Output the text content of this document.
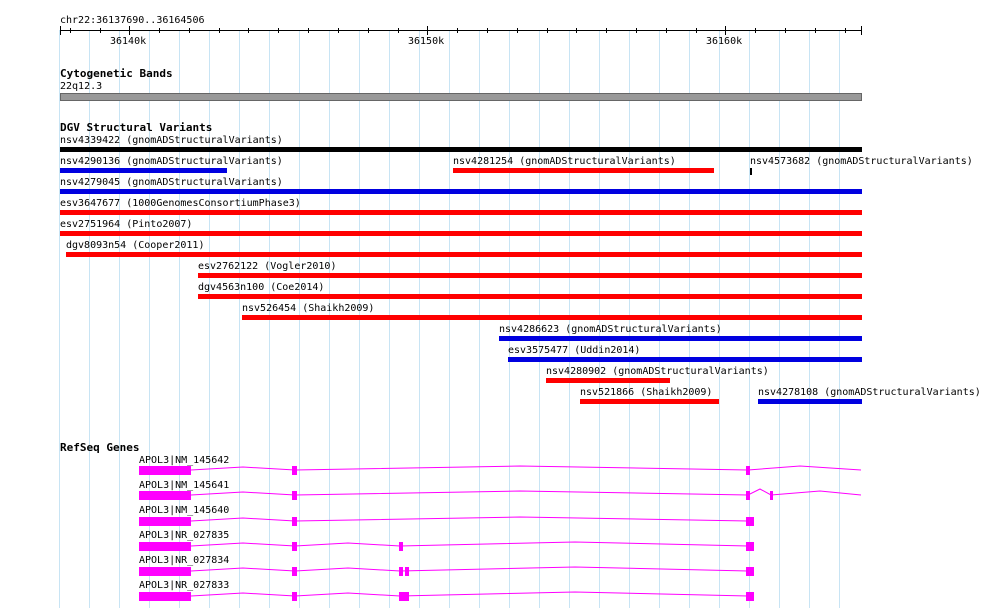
chr22:36137690..36164506
36140k	36150k	36160k
Cytogenetic Bands
22q12.3
DGV Structural Variants
nsv4339422 (gnomADStructuralVariants)
nsv4290136 (gnomADStructuralVariants)	nsv4281254 (gnomADStructuralVariants)	nsv4573682 (gnomADStructuralVariants)
nsv4279045 (gnomADStructuralVariants)
esv3647677 (1000GenomesConsortiumPhase3)
esv2751964 (Pinto2007)
dgv8093n54 (Cooper2011)
esv2762122 (Vogler2010)
dgv4563n100 (Coe2014)
nsv526454 (Shaikh2009)
nsv4286623 (gnomADStructuralVariants)
esv3575477 (Uddin2014)
nsv4280902 (gnomADStructuralVariants)
nsv521866 (Shaikh2009)	nsv4278108 (gnomADStructuralVariants)
RefSeq Genes
APOL3|NM_145642
APOL3|NM_145641
APOL3|NM_145640
APOL3|NR_027835
APOL3|NR_027834
APOL3|NR_027833
